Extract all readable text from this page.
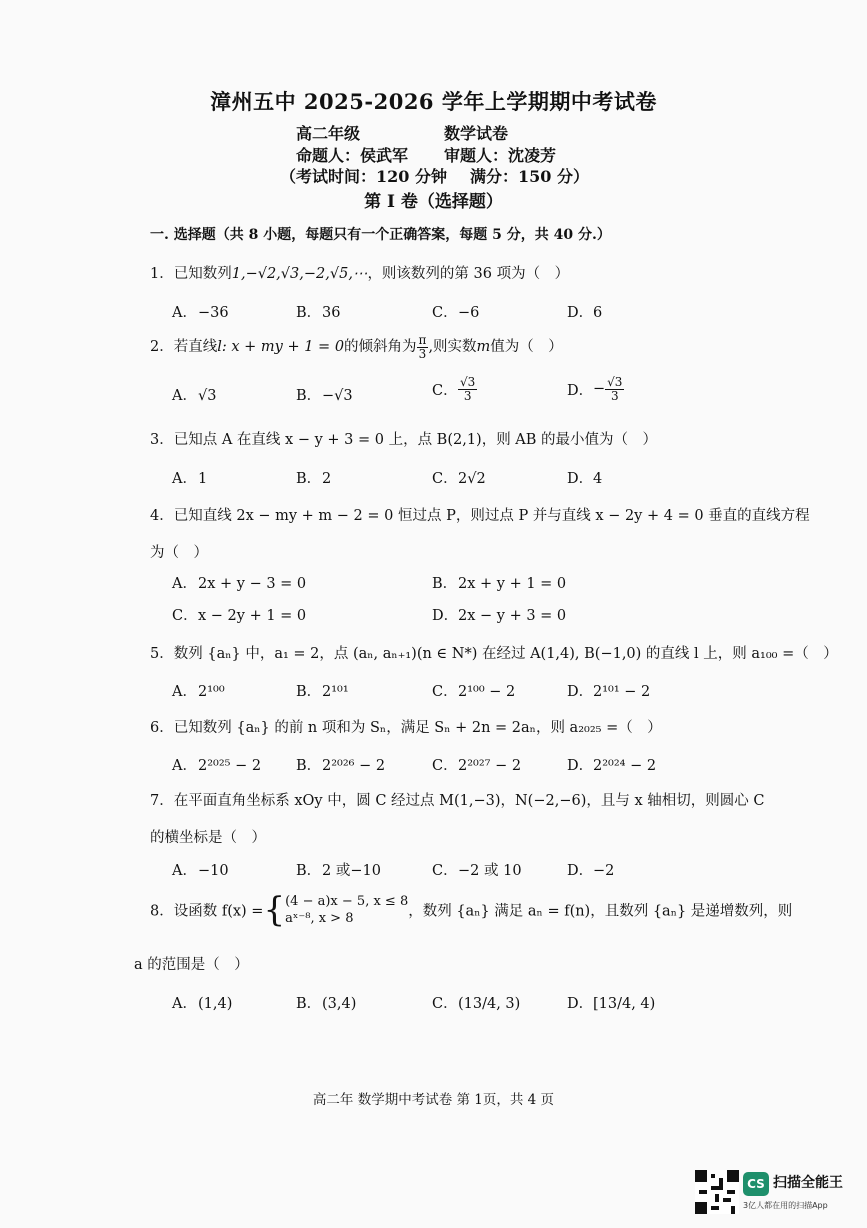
漳州五中 2025-2026 学年上学期期中考试卷
高二年级	数学试卷
命题人：侯武军 审题人：沈凌芳
（考试时间：120 分钟 满分：150 分）
第 I 卷（选择题）
一. 选择题（共 8 小题，每题只有一个正确答案，每题 5 分，共 40 分.）
1．已知数列1,−√2,√3,−2,√5,⋯，则该数列的第 36 项为（　）
A．−36	B．36	C．−6	D．6
2．若直线l: x + my + 1 = 0的倾斜角为 $\frac{\pi}{3}$ ,则实数m值为（　）
A．√3	B．−√3	C． $\frac{√3}{3}$	D．− $\frac{√3}{3}$
3．已知点 A 在直线 x − y + 3 = 0 上，点 B(2,1)，则 AB 的最小值为（　）
A．1	B．2	C．2√2	D．4
4．已知直线 2x − my + m − 2 = 0 恒过点 P，则过点 P 并与直线 x − 2y + 4 = 0 垂直的直线方程
为（　）
A．2x + y − 3 = 0	B．2x + y + 1 = 0
C．x − 2y + 1 = 0	D．2x − y + 3 = 0
5．数列 {aₙ} 中，a₁ = 2，点 (aₙ, aₙ₊₁)(n ∈ N*) 在经过 A(1,4), B(−1,0) 的直线 l 上，则 a₁₀₀ =（　）
A．2¹⁰⁰	B．2¹⁰¹	C．2¹⁰⁰ − 2	D．2¹⁰¹ − 2
6．已知数列 {aₙ} 的前 n 项和为 Sₙ，满足 Sₙ + 2n = 2aₙ，则 a₂₀₂₅ =（　）
A．2²⁰²⁵ − 2 B．2²⁰²⁶ − 2	C．2²⁰²⁷ − 2	D．2²⁰²⁴ − 2
7．在平面直角坐标系 xOy 中，圆 C 经过点 M(1,−3)，N(−2,−6)，且与 x 轴相切，则圆心 C
的横坐标是（　）
A．−10	B．2 或−10	C．−2 或 10	D．−2
8．设函数 f(x) ={ (4 − a)x − 5, x ≤ 8
aˣ⁻⁸, x > 8	，数列 {aₙ} 满足 aₙ = f(n)，且数列 {aₙ} 是递增数列，则
a 的范围是（　）
A．(1,4)	B．(3,4)	C．(13/4, 3)	D．[13/4, 4)
高二年 数学期中考试卷 第 1页，共 4 页
CS 扫描全能王
3亿人都在用的扫描App
